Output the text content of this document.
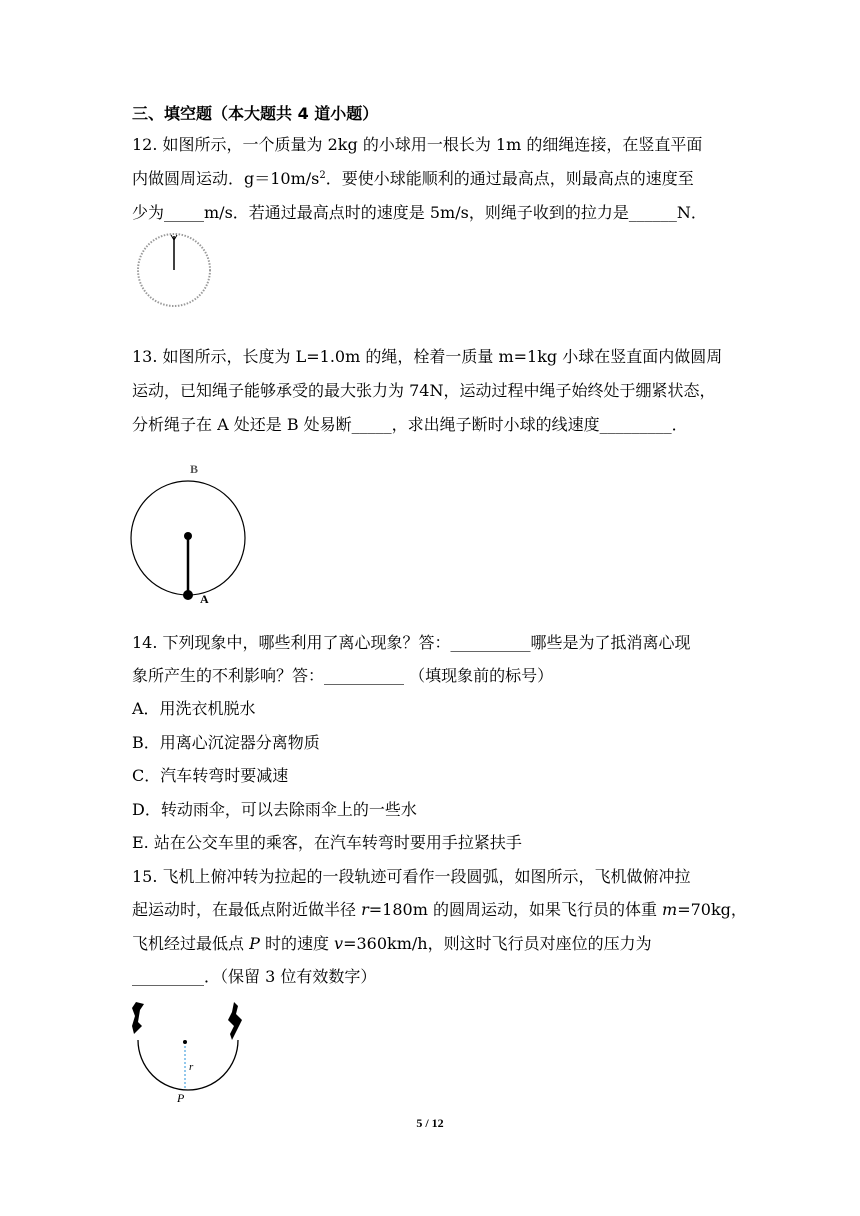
三、填空题（本大题共 4 道小题）
12. 如图所示，一个质量为 2kg 的小球用一根长为 1m 的细绳连接，在竖直平面
内做圆周运动．$g=10m/s^2$．要使小球能顺利的通过最高点，则最高点的速度至
少为_____m/s．若通过最高点时的速度是 5m/s，则绳子收到的拉力是______N．
13. 如图所示，长度为 L=1.0m 的绳，栓着一质量 m=1kg 小球在竖直面内做圆周
运动，已知绳子能够承受的最大张力为 74N，运动过程中绳子始终处于绷紧状态，
分析绳子在 A 处还是 B 处易断_____，求出绳子断时小球的线速度_________．
B
A
14. 下列现象中，哪些利用了离心现象？答：__________哪些是为了抵消离心现
象所产生的不利影响？答：__________ （填现象前的标号）
A．用洗衣机脱水
B．用离心沉淀器分离物质
C．汽车转弯时要减速
D．转动雨伞，可以去除雨伞上的一些水
E. 站在公交车里的乘客，在汽车转弯时要用手拉紧扶手
15. 飞机上俯冲转为拉起的一段轨迹可看作一段圆弧，如图所示，飞机做俯冲拉
起运动时，在最低点附近做半径 r=180m 的圆周运动，如果飞行员的体重 m=70kg，
飞机经过最低点 P 时的速度 v=360km/h，则这时飞行员对座位的压力为
_________．（保留 3 位有效数字）
r
P
5 / 12
